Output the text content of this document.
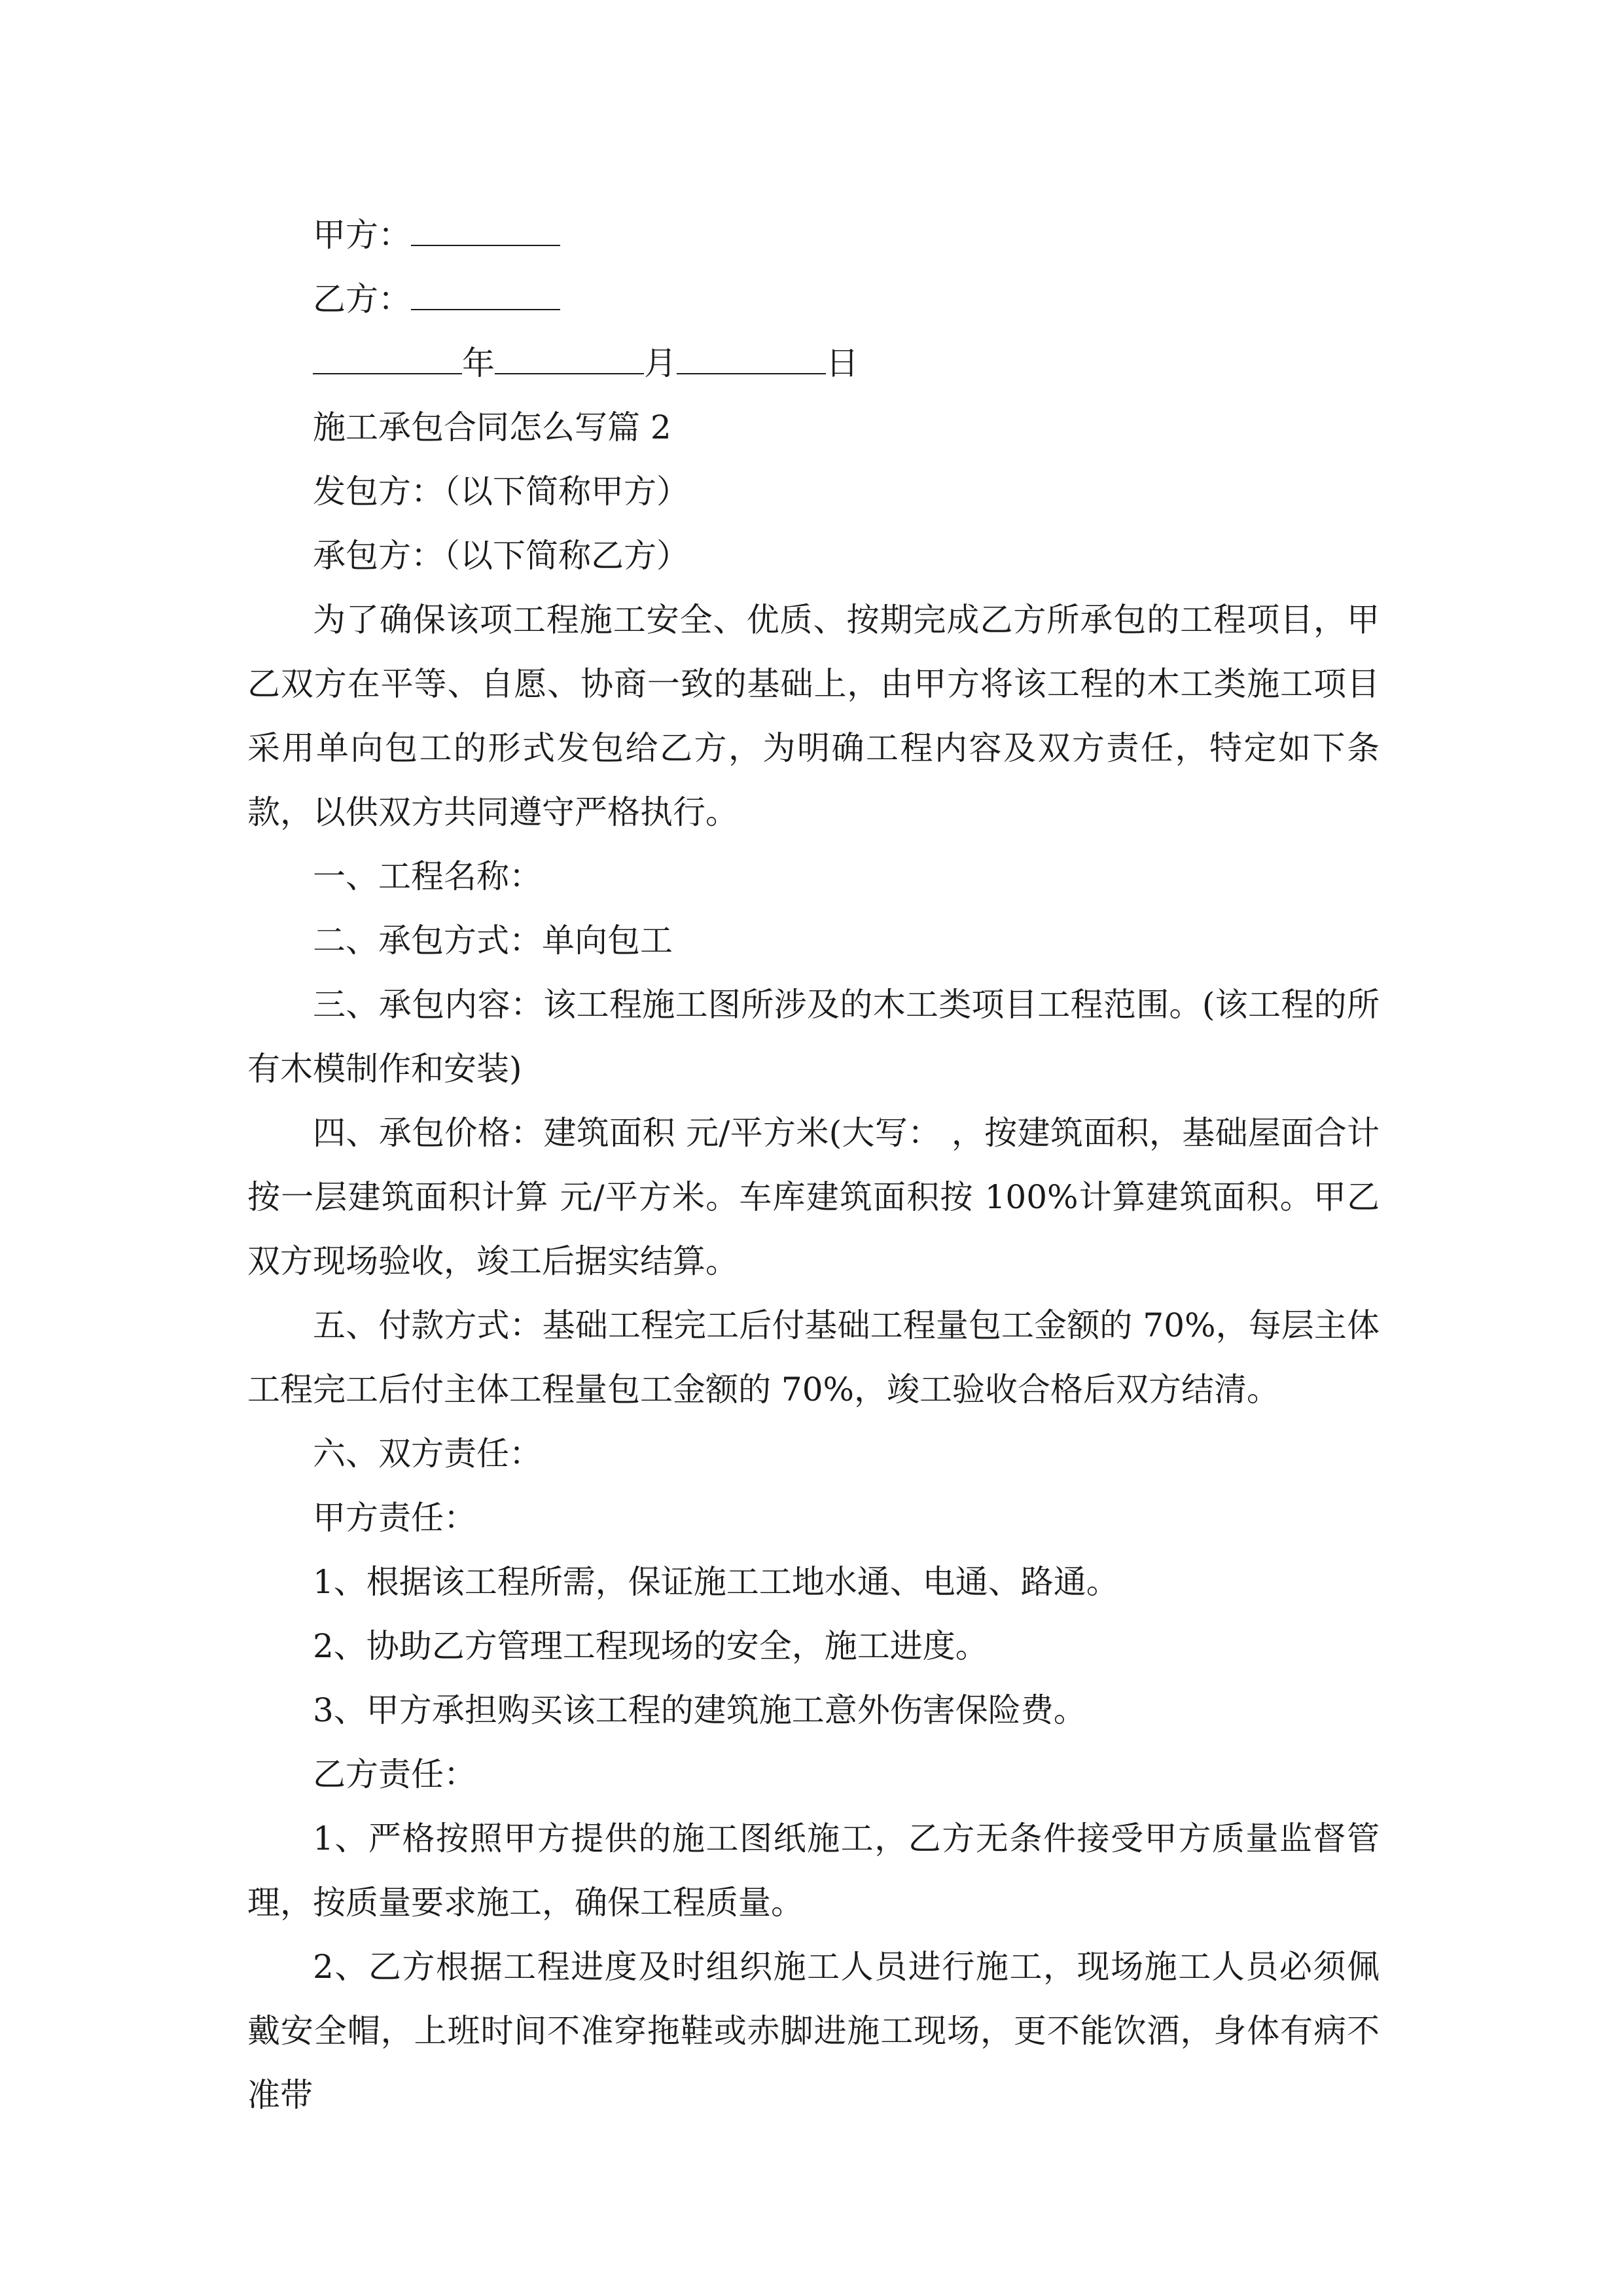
甲方：
乙方：
年	月	日
施工承包合同怎么写篇 2
发包方：（以下简称甲方）
承包方：（以下简称乙方）

为了确保该项工程施工安全、优质、按期完成乙方所承包的工程项目，甲乙双方在平等、自愿、协商一致的基础上，由甲方将该工程的木工类施工项目采用单向包工的形式发包给乙方，为明确工程内容及双方责任，特定如下条款，以供双方共同遵守严格执行。

一、工程名称：
二、承包方式：单向包工

三、承包内容：该工程施工图所涉及的木工类项目工程范围。(该工程的所有木模制作和安装)

四、承包价格：建筑面积 元/平方米(大写： ，按建筑面积，基础屋面合计按一层建筑面积计算 元/平方米。车库建筑面积按 100%计算建筑面积。甲乙双方现场验收，竣工后据实结算。

五、付款方式：基础工程完工后付基础工程量包工金额的 70%，每层主体工程完工后付主体工程量包工金额的 70%，竣工验收合格后双方结清。

六、双方责任：
甲方责任：
1、根据该工程所需，保证施工工地水通、电通、路通。
2、协助乙方管理工程现场的安全，施工进度。
3、甲方承担购买该工程的建筑施工意外伤害保险费。
乙方责任：

1、严格按照甲方提供的施工图纸施工，乙方无条件接受甲方质量监督管理，按质量要求施工，确保工程质量。

2、乙方根据工程进度及时组织施工人员进行施工，现场施工人员必须佩戴安全帽，上班时间不准穿拖鞋或赤脚进施工现场，更不能饮酒，身体有病不准带
